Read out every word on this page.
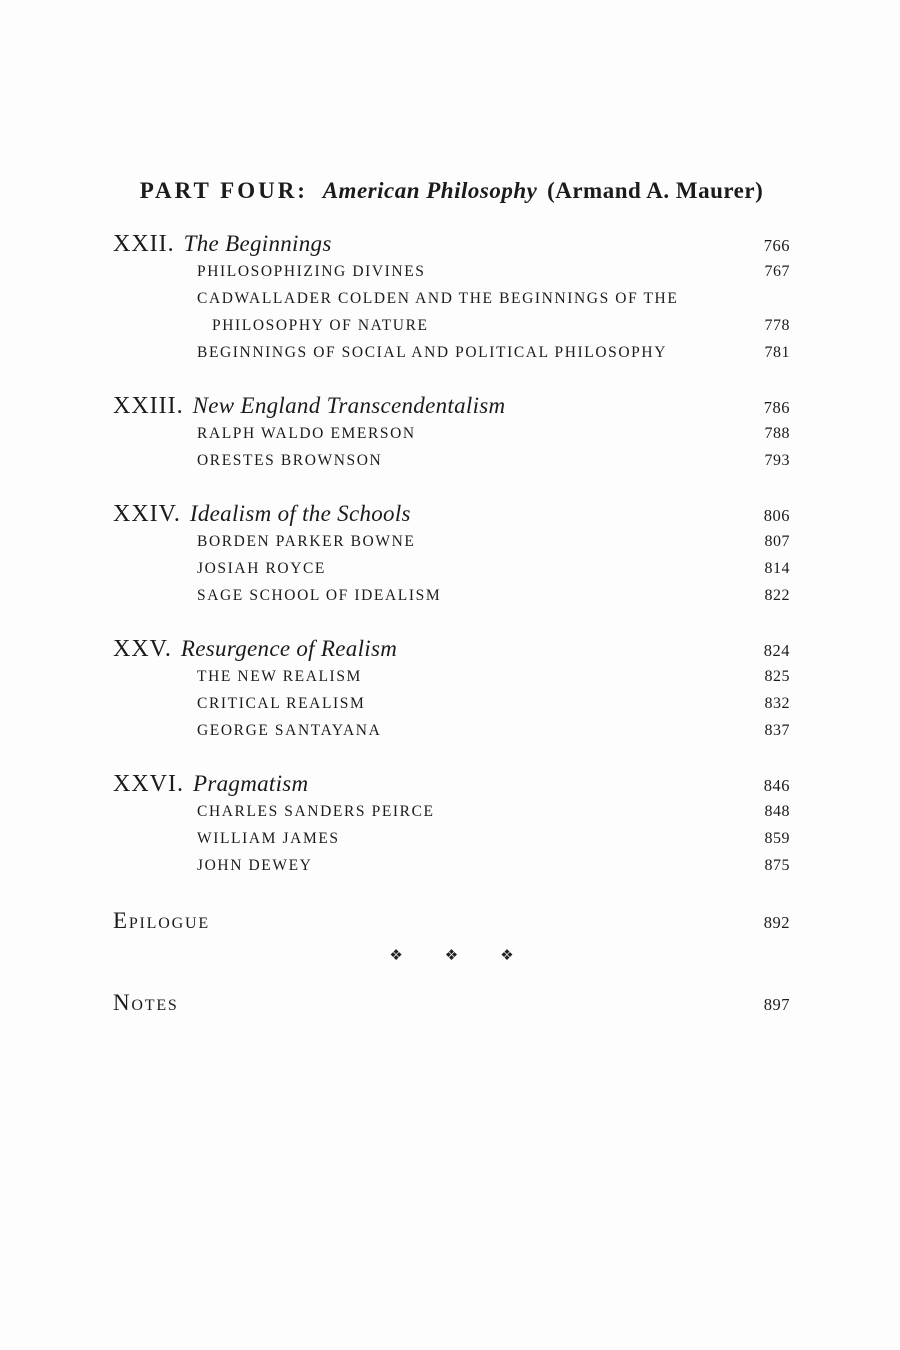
PART FOUR: American Philosophy (Armand A. Maurer)
XXII. The Beginnings	766
PHILOSOPHIZING DIVINES	767
CADWALLADER COLDEN AND THE BEGINNINGS OF THE
PHILOSOPHY OF NATURE	778
BEGINNINGS OF SOCIAL AND POLITICAL PHILOSOPHY	781
XXIII. New England Transcendentalism	786
RALPH WALDO EMERSON	788
ORESTES BROWNSON	793
XXIV. Idealism of the Schools	806
BORDEN PARKER BOWNE	807
JOSIAH ROYCE	814
SAGE SCHOOL OF IDEALISM	822
XXV. Resurgence of Realism	824
THE NEW REALISM	825
CRITICAL REALISM	832
GEORGE SANTAYANA	837
XXVI. Pragmatism	846
CHARLES SANDERS PEIRCE	848
WILLIAM JAMES	859
JOHN DEWEY	875
Epilogue	892
❖	❖	❖
Notes	897
